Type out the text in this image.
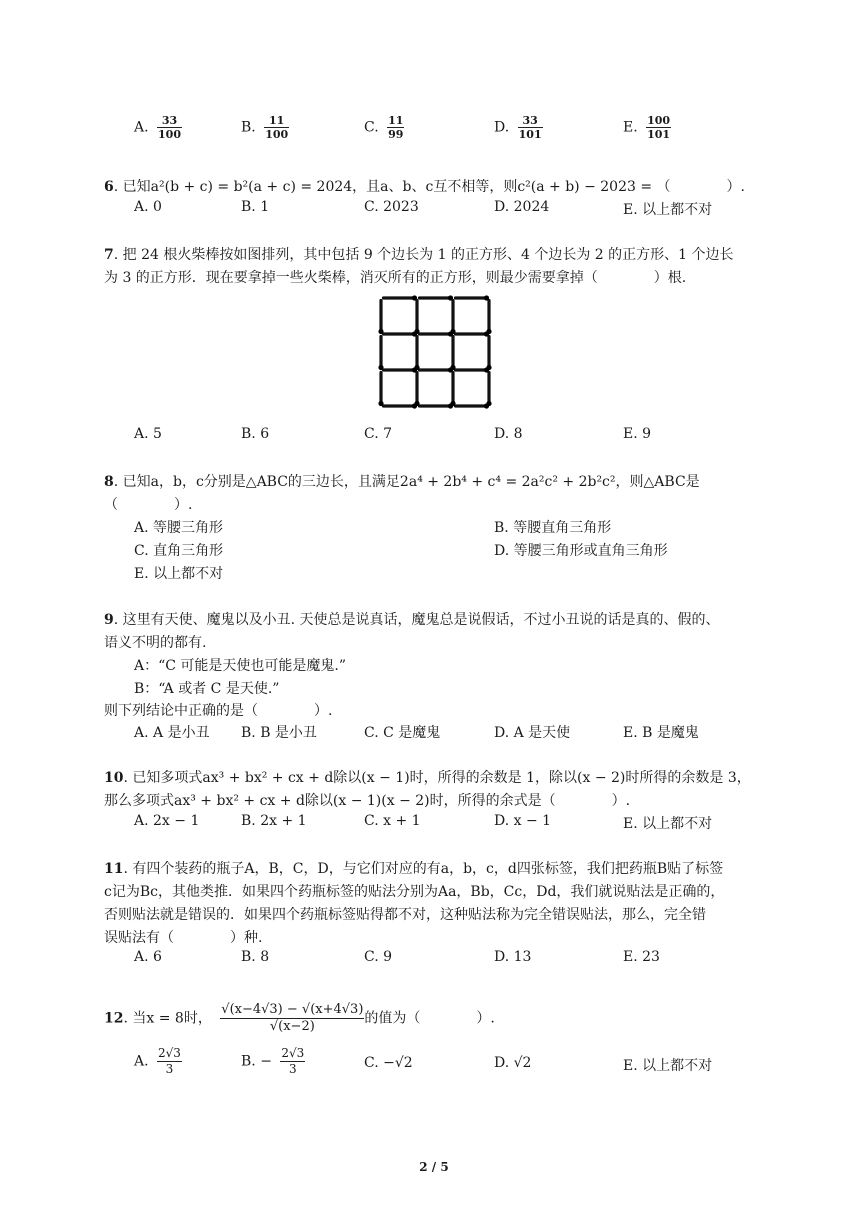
A. $\frac{33}{100}$	B. $\frac{11}{100}$	C. $\frac{11}{99}$	D. $\frac{33}{101}$	E. $\frac{100}{101}$
6. 已知a²(b + c) = b²(a + c) = 2024，且a、b、c互不相等，则c²(a + b) − 2023 = （　　　　）.
A. 0	B. 1	C. 2023	D. 2024	E. 以上都不对
7. 把 24 根火柴棒按如图排列，其中包括 9 个边长为 1 的正方形、4 个边长为 2 的正方形、1 个边长
为 3 的正方形．现在要拿掉一些火柴棒，消灭所有的正方形，则最少需要拿掉（　　　　）根.
A. 5	B. 6	C. 7	D. 8	E. 9
8. 已知a，b，c分别是△ABC的三边长，且满足2a⁴ + 2b⁴ + c⁴ = 2a²c² + 2b²c²，则△ABC是
（　　　　）.
A. 等腰三角形	B. 等腰直角三角形
C. 直角三角形	D. 等腰三角形或直角三角形
E. 以上都不对
9. 这里有天使、魔鬼以及小丑. 天使总是说真话，魔鬼总是说假话，不过小丑说的话是真的、假的、
语义不明的都有.
A：“C 可能是天使也可能是魔鬼.”
B：“A 或者 C 是天使.”
则下列结论中正确的是（　　　　）.
A. A 是小丑 B. B 是小丑	C. C 是魔鬼	D. A 是天使	E. B 是魔鬼
10. 已知多项式ax³ + bx² + cx + d除以(x − 1)时，所得的余数是 1，除以(x − 2)时所得的余数是 3，
那么多项式ax³ + bx² + cx + d除以(x − 1)(x − 2)时，所得的余式是（　　　　）.
A. 2x − 1	B. 2x + 1	C. x + 1	D. x − 1	E. 以上都不对
11. 有四个装药的瓶子A，B，C，D，与它们对应的有a，b，c，d四张标签，我们把药瓶B贴了标签
c记为Bc，其他类推．如果四个药瓶标签的贴法分别为Aa，Bb，Cc，Dd，我们就说贴法是正确的，
否则贴法就是错误的．如果四个药瓶标签贴得都不对，这种贴法称为完全错误贴法，那么，完全错
误贴法有（　　　　）种.
A. 6	B. 8	C. 9	D. 13	E. 23
12. 当x = 8时， $\frac{√(x-4√3) - √(x+4√3)}{√(x-2)}$ 的值为（　　　　）.
A. $\frac{2√3}{3}$	B. − $\frac{2√3}{3}$	C. −√2	D. √2	E. 以上都不对
2 / 5
